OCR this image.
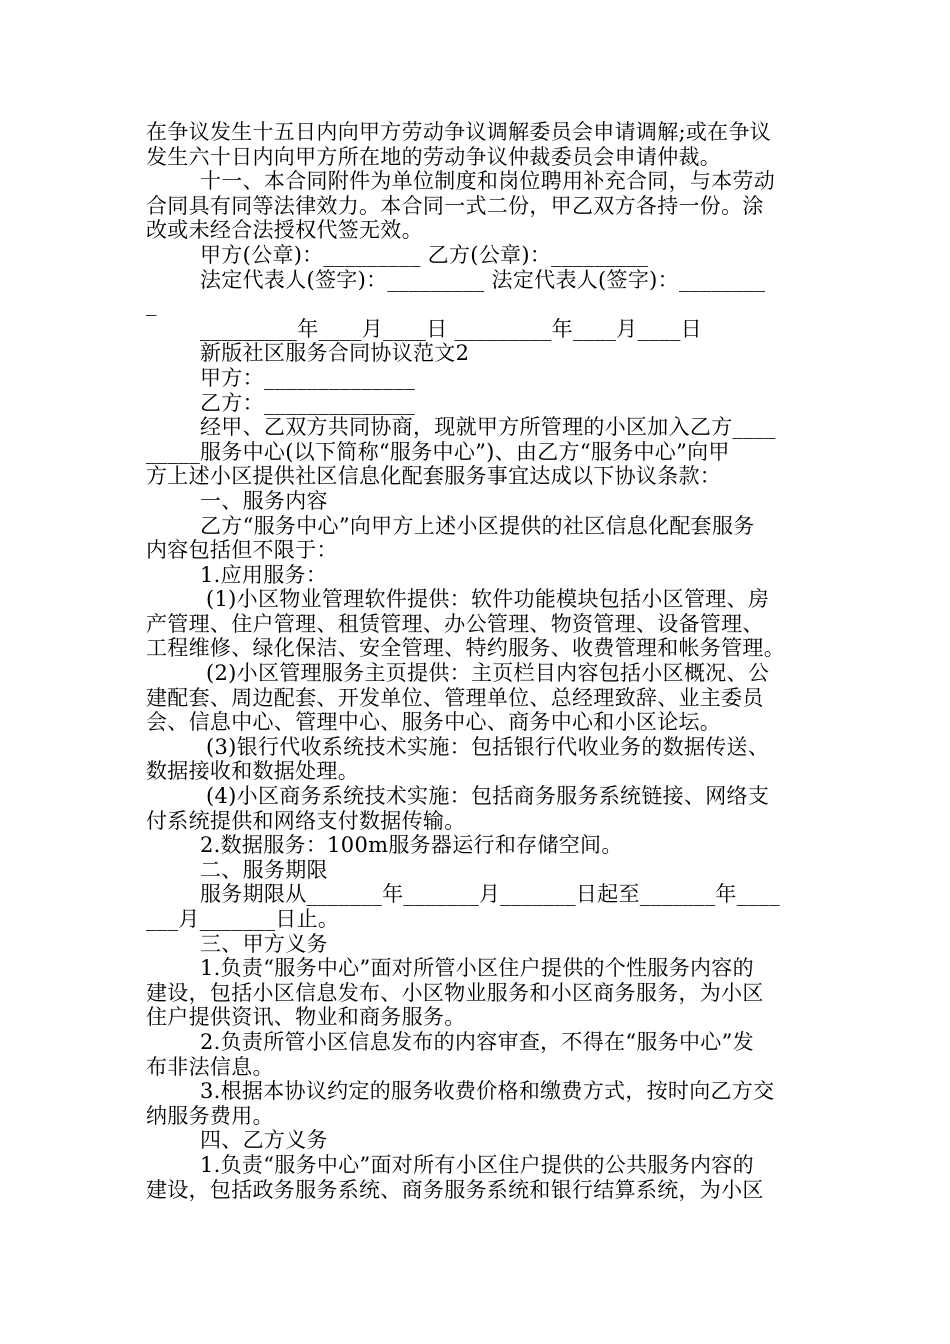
在争议发生十五日内向甲方劳动争议调解委员会申请调解;或在争议
发生六十日内向甲方所在地的劳动争议仲裁委员会申请仲裁。
十一、本合同附件为单位制度和岗位聘用补充合同，与本劳动
合同具有同等法律效力。本合同一式二份，甲乙双方各持一份。涂
改或未经合法授权代签无效。
甲方(公章)：_________ 乙方(公章)：_________
法定代表人(签字)：_________ 法定代表人(签字)：________
_
_________年____月____日 _________年____月____日
新版社区服务合同协议范文2
甲方：______________
乙方：______________
经甲、乙双方共同协商，现就甲方所管理的小区加入乙方____
_____服务中心(以下简称“服务中心”)、由乙方“服务中心”向甲
方上述小区提供社区信息化配套服务事宜达成以下协议条款：
一、服务内容
乙方“服务中心”向甲方上述小区提供的社区信息化配套服务
内容包括但不限于：
1.应用服务：
(1)小区物业管理软件提供：软件功能模块包括小区管理、房
产管理、住户管理、租赁管理、办公管理、物资管理、设备管理、
工程维修、绿化保洁、安全管理、特约服务、收费管理和帐务管理。
(2)小区管理服务主页提供：主页栏目内容包括小区概况、公
建配套、周边配套、开发单位、管理单位、总经理致辞、业主委员
会、信息中心、管理中心、服务中心、商务中心和小区论坛。
(3)银行代收系统技术实施：包括银行代收业务的数据传送、
数据接收和数据处理。
(4)小区商务系统技术实施：包括商务服务系统链接、网络支
付系统提供和网络支付数据传输。
2.数据服务：100m服务器运行和存储空间。
二、服务期限
服务期限从_______年_______月_______日起至_______年____
___月_______日止。
三、甲方义务
1.负责“服务中心”面对所管小区住户提供的个性服务内容的
建设，包括小区信息发布、小区物业服务和小区商务服务，为小区
住户提供资讯、物业和商务服务。
2.负责所管小区信息发布的内容审查，不得在“服务中心”发
布非法信息。
3.根据本协议约定的服务收费价格和缴费方式，按时向乙方交
纳服务费用。
四、乙方义务
1.负责“服务中心”面对所有小区住户提供的公共服务内容的
建设，包括政务服务系统、商务服务系统和银行结算系统，为小区
